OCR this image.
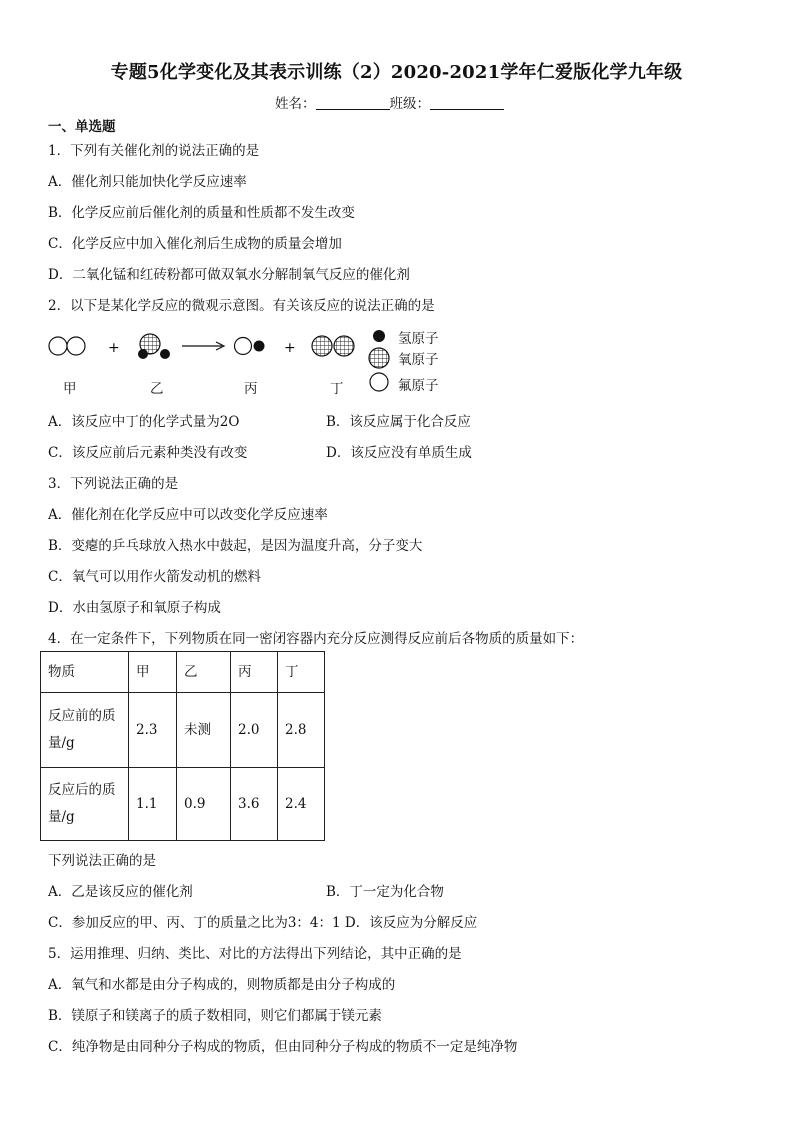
专题5化学变化及其表示训练（2）2020-2021学年仁爱版化学九年级
姓名：	班级：
一、单选题
1．下列有关催化剂的说法正确的是
A．催化剂只能加快化学反应速率
B．化学反应前后催化剂的质量和性质都不发生改变
C．化学反应中加入催化剂后生成物的质量会增加
D．二氧化锰和红砖粉都可做双氧水分解制氧气反应的催化剂
2．以下是某化学反应的微观示意图。有关该反应的说法正确的是
+	+
氢原子
氧原子
氟原子
甲	乙	丙	丁
A．该反应中丁的化学式量为2O	B．该反应属于化合反应
C．该反应前后元素种类没有改变	D．该反应没有单质生成
3．下列说法正确的是
A．催化剂在化学反应中可以改变化学反应速率
B．变瘪的乒乓球放入热水中鼓起，是因为温度升高，分子变大
C．氧气可以用作火箭发动机的燃料
D．水由氢原子和氧原子构成
4．在一定条件下，下列物质在同一密闭容器内充分反应测得反应前后各物质的质量如下：
物质	甲	乙	丙	丁
反应前的质量/g	2.3	未测	2.0	2.8
反应后的质量/g	1.1	0.9	3.6	2.4
下列说法正确的是
A．乙是该反应的催化剂	B．丁一定为化合物
C．参加反应的甲、丙、丁的质量之比为3：4：1 D．该反应为分解反应
5．运用推理、归纳、类比、对比的方法得出下列结论，其中正确的是
A．氧气和水都是由分子构成的，则物质都是由分子构成的
B．镁原子和镁离子的质子数相同，则它们都属于镁元素
C．纯净物是由同种分子构成的物质，但由同种分子构成的物质不一定是纯净物
